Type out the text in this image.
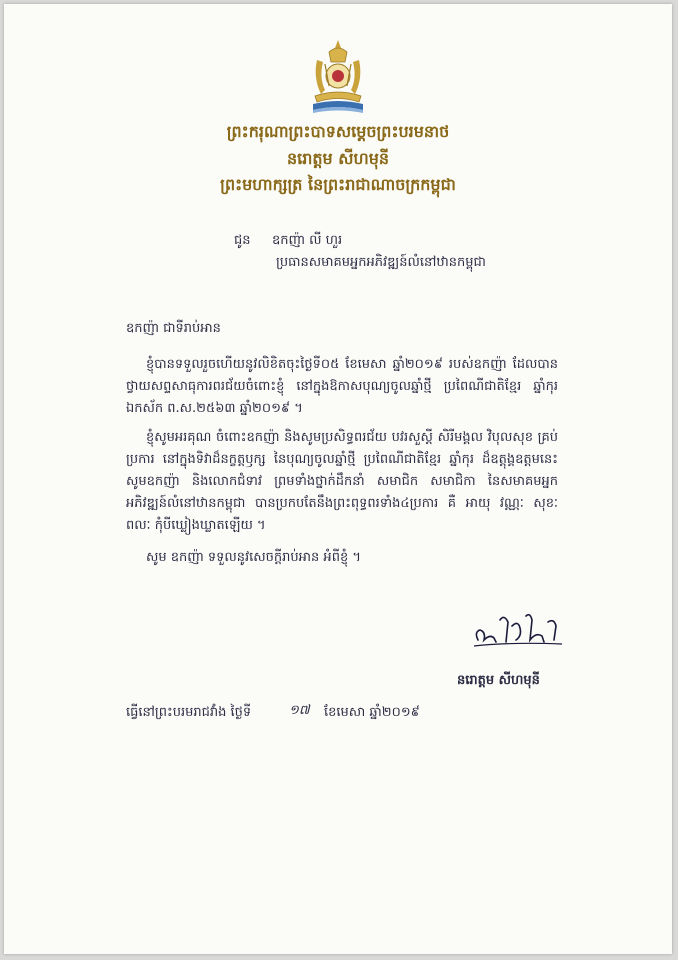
ព្រះករុណាព្រះបាទសម្តេចព្រះបរមនាថ
នរោត្តម សីហមុនី
ព្រះមហាក្សត្រ នៃព្រះរាជាណាចក្រកម្ពុជា
ជូន ឧកញ៉ា លី ហួរ
ប្រធានសមាគមអ្នកអភិវឌ្ឍន៍លំនៅឋានកម្ពុជា
ឧកញ៉ា ជាទីរាប់អាន
ខ្ញុំបានទទួលរួចហើយនូវលិខិតចុះថ្ងៃទី០៥ ខែមេសា ឆ្នាំ២០១៩ របស់ឧកញ៉ា ដែលបានថ្វាយសព្ទសាធុការពរជ័យចំពោះខ្ញុំ នៅក្នុងឱកាសបុណ្យចូលឆ្នាំថ្មី ប្រពៃណីជាតិខ្មែរ ឆ្នាំកុរ ឯកស័ក ព.ស.២៥៦៣ ឆ្នាំ២០១៩ ។
ខ្ញុំសូមអរគុណ ចំពោះឧកញ៉ា និងសូមប្រសិទ្ធពរជ័យ បវរសួស្តី សិរីមង្គល វិបុលសុខ គ្រប់ប្រការ នៅក្នុងទិវាដ៏នក្ខត្តឫក្ស នៃបុណ្យចូលឆ្នាំថ្មី ប្រពៃណីជាតិខ្មែរ ឆ្នាំកុរ ដ៏ឧត្តុង្គឧត្តមនេះ សូមឧកញ៉ា និងលោកជំទាវ ព្រមទាំងថ្នាក់ដឹកនាំ សមាជិក សមាជិកា នៃសមាគមអ្នកអភិវឌ្ឍន៍លំនៅឋានកម្ពុជា បានប្រកបតែនឹងព្រះពុទ្ធពរទាំង៤ប្រការ គឺ អាយុ វណ្ណៈ សុខៈ ពលៈ កុំបីឃ្លៀងឃ្លាតឡើយ ។
សូម ឧកញ៉ា ទទួលនូវសេចក្តីរាប់អាន អំពីខ្ញុំ ។
នរោត្តម សីហមុនី
ធ្វើនៅព្រះបរមរាជវាំង ថ្ងៃទី	១៧ ខែមេសា ឆ្នាំ២០១៩
